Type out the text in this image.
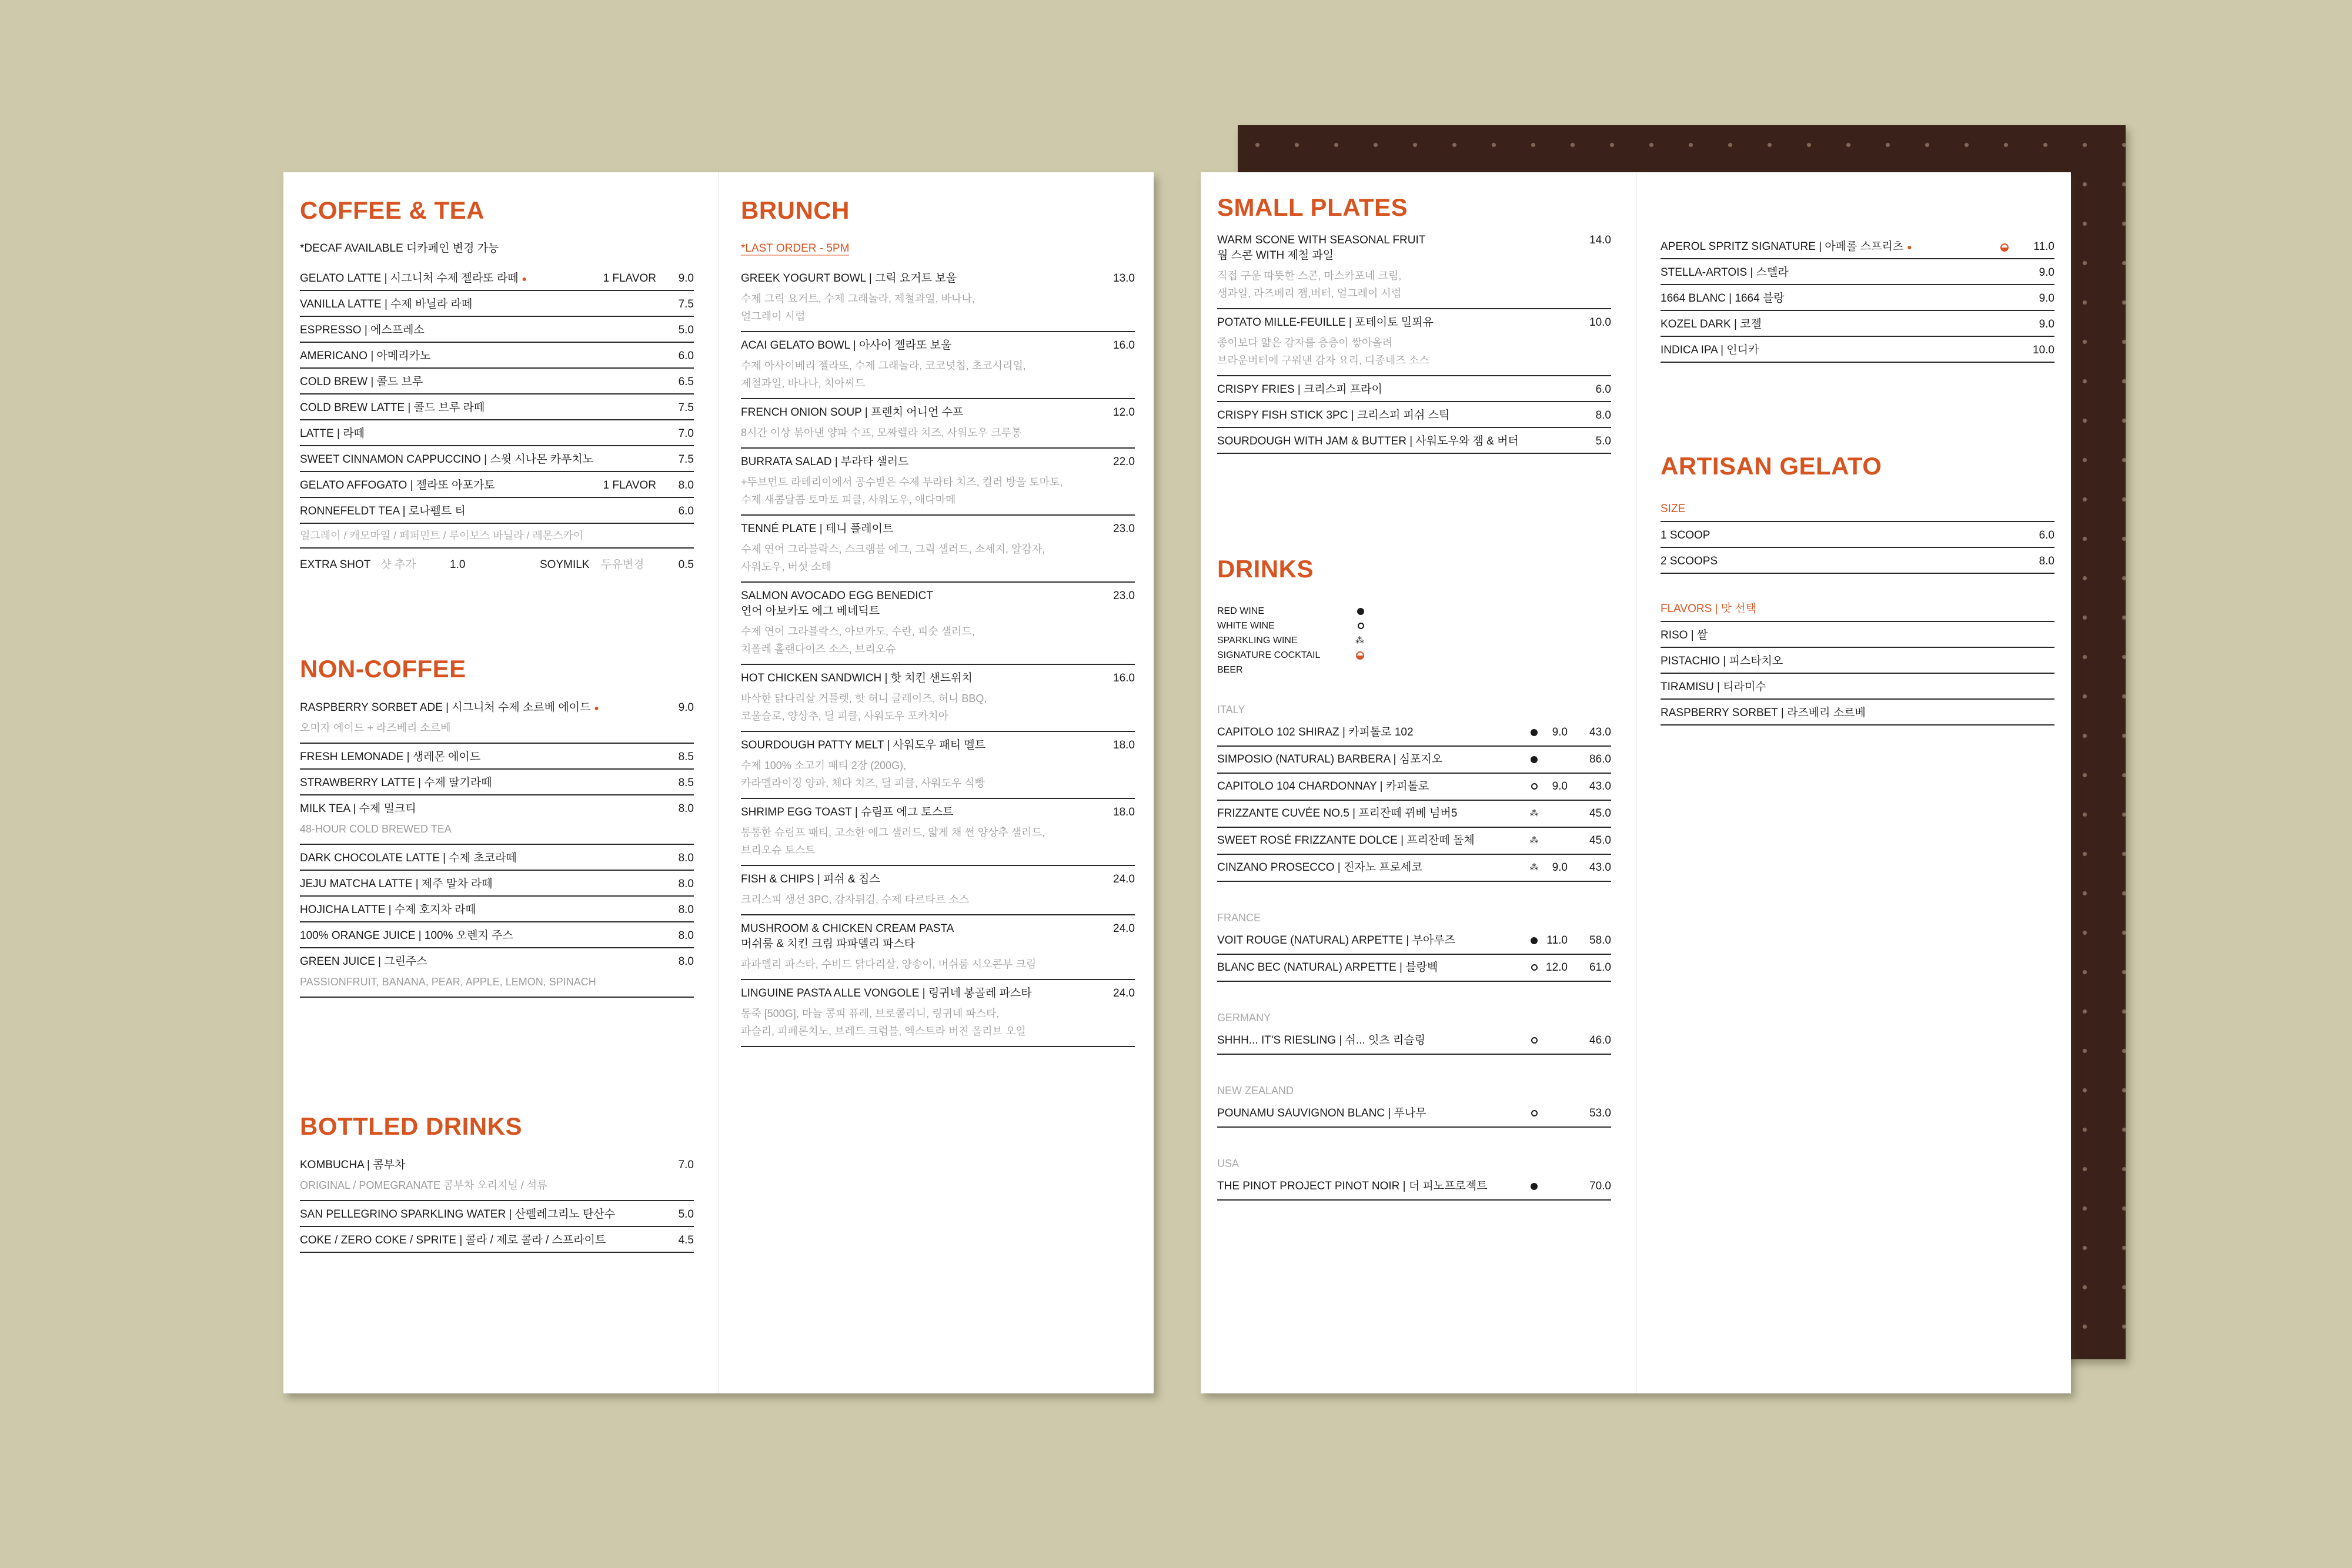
COFFEE & TEA
*DECAF AVAILABLE 디카페인 변경 가능
GELATO LATTE | 시그니처 수제 젤라또 라떼 ●	1 FLAVOR 9.0
VANILLA LATTE | 수제 바닐라 라떼	7.5
ESPRESSO | 에스프레소	5.0
AMERICANO | 아메리카노	6.0
COLD BREW | 콜드 브루	6.5
COLD BREW LATTE | 콜드 브루 라떼	7.5
LATTE | 라떼	7.0
SWEET CINNAMON CAPPUCCINO | 스윗 시나몬 카푸치노	7.5
GELATO AFFOGATO | 젤라또 아포가토	1 FLAVOR 8.0
RONNEFELDT TEA | 로나펠트 티	6.0
얼그레이 / 캐모마일 / 페퍼민트 / 루이보스 바닐라 / 레몬스카이
EXTRA SHOT 샷 추가	1.0	SOYMILK 두유변경	0.5
NON-COFFEE
RASPBERRY SORBET ADE | 시그니처 수제 소르베 에이드 ●	9.0
오미자 에이드 + 라즈베리 소르베
FRESH LEMONADE | 생레몬 에이드	8.5
STRAWBERRY LATTE | 수제 딸기라떼	8.5
MILK TEA | 수제 밀크티	8.0
48-HOUR COLD BREWED TEA
DARK CHOCOLATE LATTE | 수제 초코라떼	8.0
JEJU MATCHA LATTE | 제주 말차 라떼	8.0
HOJICHA LATTE | 수제 호지차 라떼	8.0
100% ORANGE JUICE | 100% 오렌지 주스	8.0
GREEN JUICE | 그린주스	8.0
PASSIONFRUIT, BANANA, PEAR, APPLE, LEMON, SPINACH
BOTTLED DRINKS
KOMBUCHA | 콤부차	7.0
ORIGINAL / POMEGRANATE 콤부차 오리지널 / 석류
SAN PELLEGRINO SPARKLING WATER | 산펠레그리노 탄산수	5.0
COKE / ZERO COKE / SPRITE | 콜라 / 제로 콜라 / 스프라이트	4.5
BRUNCH
*LAST ORDER - 5PM
GREEK YOGURT BOWL | 그릭 요거트 보울	13.0
수제 그릭 요거트, 수제 그래놀라, 제철과일, 바나나,
얼그레이 시럽
ACAI GELATO BOWL | 아사이 젤라또 보울	16.0
수제 아사이베리 젤라또, 수제 그래놀라, 코코넛칩, 초코시리얼,
제철과일, 바나나, 치아씨드
FRENCH ONION SOUP | 프렌치 어니언 수프	12.0
8시간 이상 볶아낸 양파 수프, 모짜렐라 치즈, 사워도우 크루통
BURRATA SALAD | 부라타 샐러드	22.0
+뚜브먼트 라테리이에서 공수받은 수제 부라타 치즈, 컬러 방울 토마토,
수제 새콤달콤 토마토 피클, 사워도우, 애다마메
TENNÉ PLATE | 테니 플레이트	23.0
수제 연어 그라블락스, 스크램블 에그, 그릭 샐러드, 소세지, 알감자,
사워도우, 버섯 소테
SALMON AVOCADO EGG BENEDICT
연어 아보카도 에그 베네딕트
23.0
수제 연어 그라블락스, 아보카도, 수란, 피숫 샐러드,
치폴레 홀랜다이즈 소스, 브리오슈
HOT CHICKEN SANDWICH | 핫 치킨 샌드위치	16.0
바삭한 닭다리살 커틀렛, 핫 허니 글레이즈, 허니 BBQ,
코울슬로, 양상추, 딜 피클, 사워도우 포카치아
SOURDOUGH PATTY MELT | 사워도우 패티 멜트	18.0
수제 100% 소고기 패티 2장 (200G),
카라멜라이징 양파, 체다 치즈, 딜 피클, 사워도우 식빵
SHRIMP EGG TOAST | 슈림프 에그 토스트	18.0
통통한 슈림프 패티, 고소한 에그 샐러드, 얇게 채 썬 양상추 샐러드,
브리오슈 토스트
FISH & CHIPS | 피쉬 & 칩스	24.0
크리스피 생선 3PC, 감자튀김, 수제 타르타르 소스
MUSHROOM & CHICKEN CREAM PASTA
머쉬룸 & 치킨 크림 파파델리 파스타
24.0
파파델리 파스타, 수비드 닭다리살, 양송이, 머쉬룸 시오콘부 크림
LINGUINE PASTA ALLE VONGOLE | 링귀네 봉골레 파스타	24.0
동죽 [500G], 마늘 콩피 퓨레, 브로콜리니, 링귀네 파스타,
파슬리, 피페론치노, 브레드 크럼블, 엑스트라 버진 올리브 오일
SMALL PLATES
WARM SCONE WITH SEASONAL FRUIT
웜 스콘 WITH 제철 과일
14.0
직접 구운 따뜻한 스콘, 마스카포네 크림,
생과일, 라즈베리 잼,버터, 얼그레이 시럽
POTATO MILLE-FEUILLE | 포테이토 밀푀유	10.0
종이보다 얇은 감자를 층층이 쌓아올려
브라운버터에 구워낸 감자 요리, 디종네즈 소스
CRISPY FRIES | 크리스피 프라이	6.0
CRISPY FISH STICK 3PC | 크리스피 피쉬 스틱	8.0
SOURDOUGH WITH JAM & BUTTER | 사워도우와 잼 & 버터	5.0
DRINKS
RED WINE
WHITE WINE
SPARKLING WINE	⁂
SIGNATURE COCKTAIL
BEER
ITALY
CAPITOLO 102 SHIRAZ | 카피톨로 102	9.0 43.0
SIMPOSIO (NATURAL) BARBERA | 심포지오	86.0
CAPITOLO 104 CHARDONNAY | 카피톨로	9.0 43.0
FRIZZANTE CUVÉE NO.5 | 프리잔떼 뀌베 넘버5	⁂	45.0
SWEET ROSÉ FRIZZANTE DOLCE | 프리잔떼 돌체	⁂	45.0
CINZANO PROSECCO | 진자노 프로세코	⁂ 9.0 43.0
FRANCE
VOIT ROUGE (NATURAL) ARPETTE | 부아루즈	11.0 58.0
BLANC BEC (NATURAL) ARPETTE | 블랑벡	12.0 61.0
GERMANY
SHHH... IT'S RIESLING | 쉬... 잇츠 리슬링	46.0
NEW ZEALAND
POUNAMU SAUVIGNON BLANC | 푸나무	53.0
USA
THE PINOT PROJECT PINOT NOIR | 더 피노프로젝트	70.0
APEROL SPRITZ SIGNATURE | 아페롤 스프리츠 ●	11.0
STELLA-ARTOIS | 스텔라	9.0
1664 BLANC | 1664 블랑	9.0
KOZEL DARK | 코젤	9.0
INDICA IPA | 인디카	10.0
ARTISAN GELATO
SIZE
1 SCOOP	6.0
2 SCOOPS	8.0
FLAVORS | 맛 선택
RISO | 쌀
PISTACHIO | 피스타치오
TIRAMISU | 티라미수
RASPBERRY SORBET | 라즈베리 소르베
